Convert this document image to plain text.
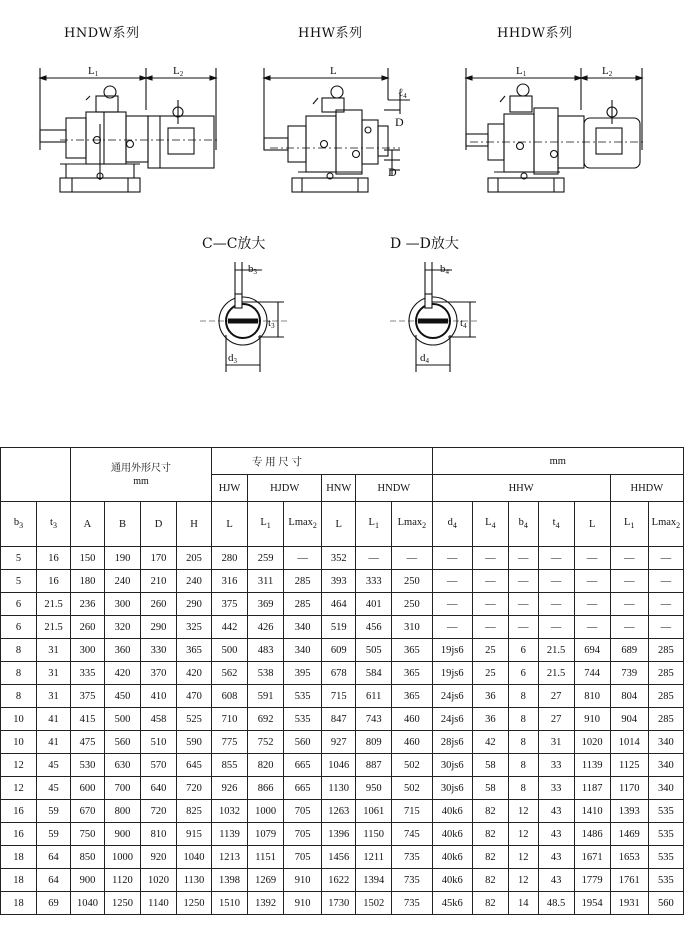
HNDW系列	HHW系列	HHDW系列
L1	L2	L
ℓ4
D
D
L1	L2
C—C放大
b3
t3
d3
D —D放大
b4
t4
d4
		通用外形尺寸
mm				专 用 尺 寸						mm						
						HJW	HJDW		HNW	HNDW		HHW					HHDW	
$b_3$	$t_3$	A	B	D	H	L	$L_1$	Lmax$_2$	L	$L_1$	Lmax$_2$	$d_4$	$L_4$	$b_4$	$t_4$	L	$L_1$	Lmax$_2$
5	16	150	190	170	205	280	259	—	352	—	—	—	—	—	—	—	—	—
5	16	180	240	210	240	316	311	285	393	333	250	—	—	—	—	—	—	—
6	21.5	236	300	260	290	375	369	285	464	401	250	—	—	—	—	—	—	—
6	21.5	260	320	290	325	442	426	340	519	456	310	—	—	—	—	—	—	—
8	31	300	360	330	365	500	483	340	609	505	365	19js6	25	6	21.5	694	689	285
8	31	335	420	370	420	562	538	395	678	584	365	19js6	25	6	21.5	744	739	285
8	31	375	450	410	470	608	591	535	715	611	365	24js6	36	8	27	810	804	285
10	41	415	500	458	525	710	692	535	847	743	460	24js6	36	8	27	910	904	285
10	41	475	560	510	590	775	752	560	927	809	460	28js6	42	8	31	1020	1014	340
12	45	530	630	570	645	855	820	665	1046	887	502	30js6	58	8	33	1139	1125	340
12	45	600	700	640	720	926	866	665	1130	950	502	30js6	58	8	33	1187	1170	340
16	59	670	800	720	825	1032	1000	705	1263	1061	715	40k6	82	12	43	1410	1393	535
16	59	750	900	810	915	1139	1079	705	1396	1150	745	40k6	82	12	43	1486	1469	535
18	64	850	1000	920	1040	1213	1151	705	1456	1211	735	40k6	82	12	43	1671	1653	535
18	64	900	1120	1020	1130	1398	1269	910	1622	1394	735	40k6	82	12	43	1779	1761	535
18	69	1040	1250	1140	1250	1510	1392	910	1730	1502	735	45k6	82	14	48.5	1954	1931	560
